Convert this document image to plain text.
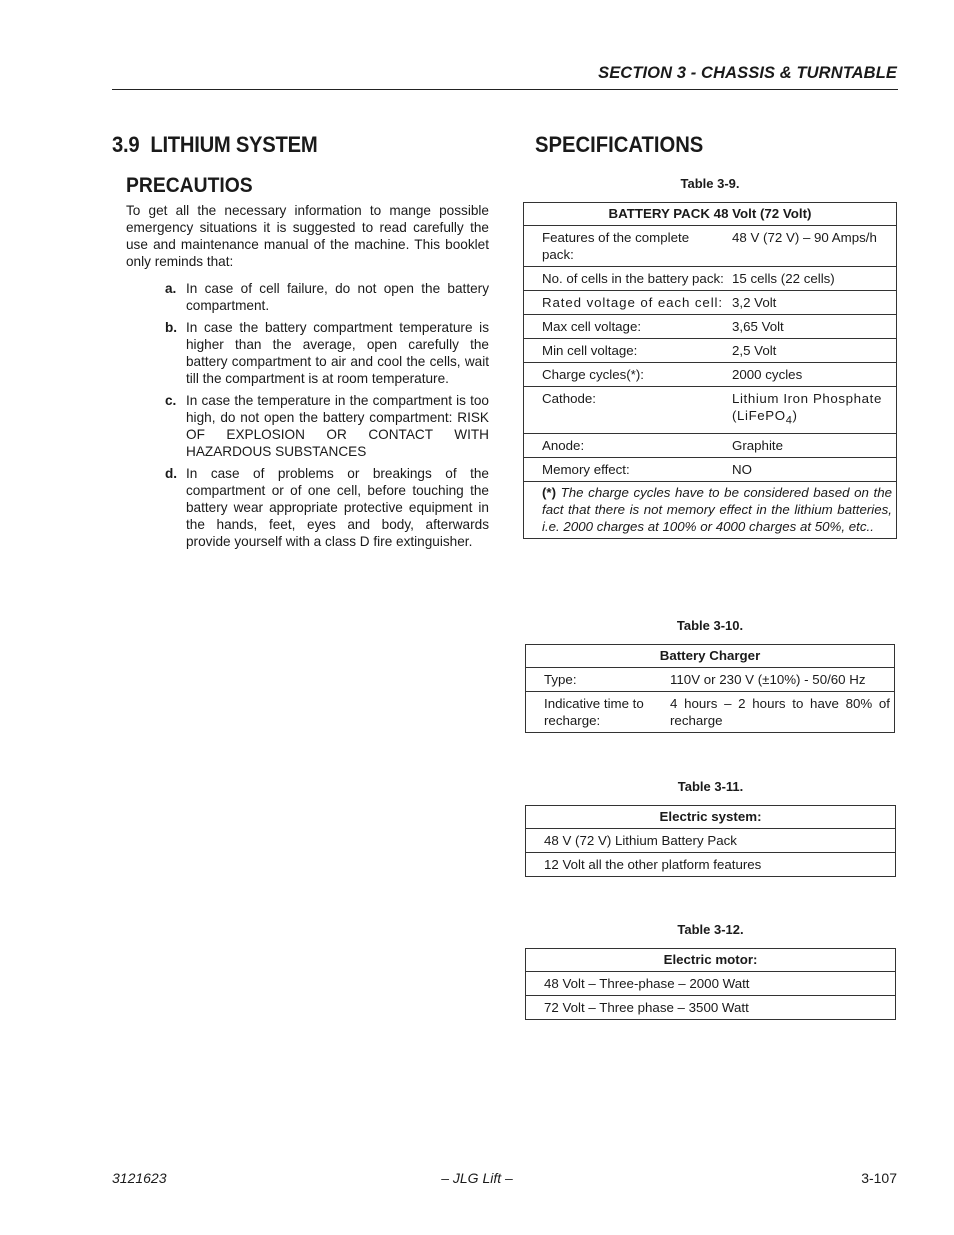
SECTION 3 - CHASSIS & TURNTABLE
3.9 LITHIUM SYSTEM
PRECAUTIOS
To get all the necessary information to mange possible emergency situations it is suggested to read carefully the use and maintenance manual of the machine. This booklet only reminds that:
a. In case of cell failure, do not open the battery compartment.
b. In case the battery compartment temperature is higher than the average, open carefully the battery compartment to air and cool the cells, wait till the compartment is at room temperature.
c. In case the temperature in the compartment is too high, do not open the battery compartment: RISK OF EXPLOSION OR CONTACT WITH HAZARDOUS SUBSTANCES
d. In case of problems or breakings of the compartment or of one cell, before touching the battery wear appropriate protective equipment in the hands, feet, eyes and body, afterwards provide yourself with a class D fire extinguisher.
SPECIFICATIONS
Table 3-9.
BATTERY PACK 48 Volt (72 Volt)	
Features of the complete pack:	48 V (72 V) – 90 Amps/h
No. of cells in the battery pack:	15 cells (22 cells)
Rated voltage of each cell:	3,2 Volt
Max cell voltage:	3,65 Volt
Min cell voltage:	2,5 Volt
Charge cycles(*):	2000 cycles
Cathode:	Lithium Iron Phosphate (LiFePO$_4$)
Anode:	Graphite
Memory effect:	NO
(*) The charge cycles have to be considered based on the fact that there is not memory effect in the lithium batteries, i.e. 2000 charges at 100% or 4000 charges at 50%, etc..	
Table 3-10.
Battery Charger	
Type:	110V or 230 V (±10%) - 50/60 Hz
Indicative time to recharge:	4 hours – 2 hours to have 80% of recharge
Table 3-11.
Electric system:
48 V (72 V) Lithium Battery Pack
12 Volt all the other platform features
Table 3-12.
Electric motor:
48 Volt – Three-phase – 2000 Watt
72 Volt – Three phase – 3500 Watt
3121623	– JLG Lift –	3-107
